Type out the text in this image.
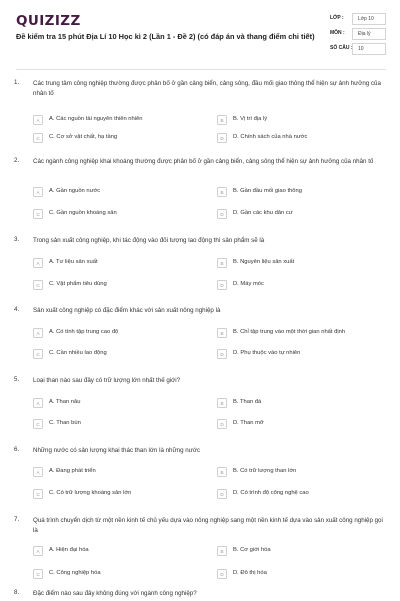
QUIZIZZ
Đề kiểm tra 15 phút Địa Lí 10 Học kì 2 (Lần 1 - Đề 2) (có đáp án và thang điểm chi tiết)
LỚP :	Lớp 10
MÔN :	Địa lý
SỐ CÂU :	10
1. Các trung tâm công nghiệp thường được phân bố ở gần cảng biển, cảng sông, đầu mối giao thông thể hiện sự ảnh hưởng của nhân tố

A	A. Các nguồn tài nguyên thiên nhiên	B	B. Vị trí địa lý
C	C. Cơ sở vật chất, hạ tầng	D	D. Chính sách của nhà nước
2. Các ngành công nghiệp khai khoáng thường được phân bố ở gần cảng biển, cảng sông thể hiện sự ảnh hưởng của nhân tố

A	A. Gần nguồn nước	B	B. Gần đầu mối giao thông
C	C. Gần nguồn khoáng sản	D	D. Gần các khu dân cư
3. Trong sản xuất công nghiệp, khi tác động vào đối tượng lao động thì sản phẩm sẽ là

A	A. Tư liệu sản xuất	B	B. Nguyên liệu sản xuất
C	C. Vật phẩm tiêu dùng	D	D. Máy móc
4. Sản xuất công nghiệp có đặc điểm khác với sản xuất nông nghiệp là

A	A. Có tính tập trung cao độ	B	B. Chỉ tập trung vào một thời gian nhất định
C	C. Cần nhiều lao động	D	D. Phụ thuộc vào tự nhiên
5. Loại than nào sau đây có trữ lượng lớn nhất thế giới?

A	A. Than nâu	B	B. Than đá
C	C. Than bùn	D	D. Than mỡ
6. Những nước có sản lượng khai thác than lớn là những nước

A	A. Đang phát triển	B	B. Có trữ lượng than lớn
C	C. Có trữ lượng khoáng sản lớn	D	D. Có trình độ công nghệ cao
7. Quá trình chuyển dịch từ một nền kinh tế chủ yếu dựa vào nông nghiệp sang một nền kinh tế dựa vào sản xuất công nghiệp gọi là

A	A. Hiện đại hóa	B	B. Cơ giới hóa
C	C. Công nghiệp hóa	D	D. Đô thị hóa
8. Đặc điểm nào sau đây không đúng với ngành công nghiệp?
